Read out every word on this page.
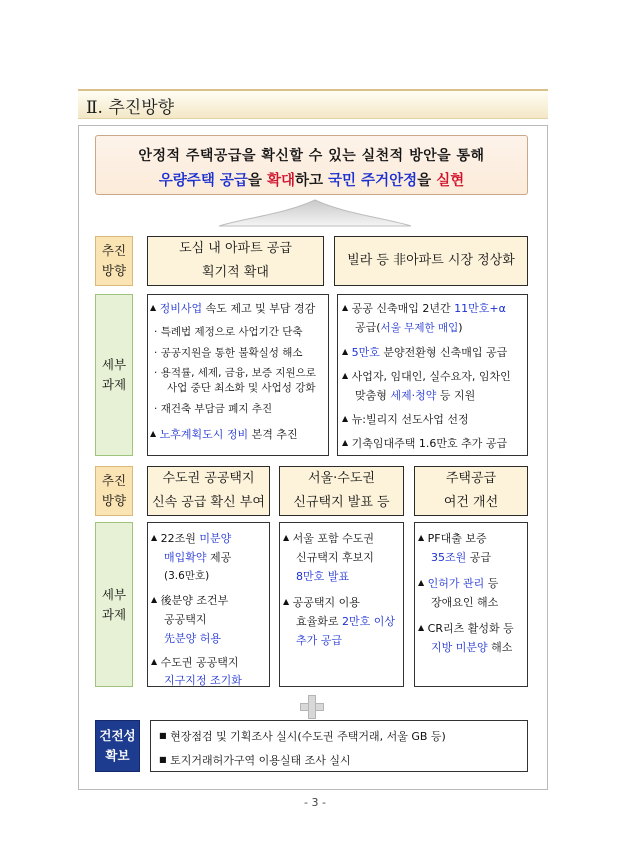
Ⅱ. 추진방향
안정적 주택공급을 확신할 수 있는 실천적 방안을 통해
우량주택 공급을 확대하고 국민 주거안정을 실현
추진
방향
도심 내 아파트 공급
획기적 확대
빌라 등 非아파트 시장 정상화
세부
과제
▲ 정비사업 속도 제고 및 부담 경감
· 특례법 제정으로 사업기간 단축
· 공공지원을 통한 불확실성 해소
· 용적률, 세제, 금융, 보증 지원으로
사업 중단 최소화 및 사업성 강화
· 재건축 부담금 폐지 추진
▲ 노후계획도시 정비 본격 추진
▲ 공공 신축매입 2년간 11만호+α
공급(서울 무제한 매입)
▲ 5만호 분양전환형 신축매입 공급
▲ 사업자, 임대인, 실수요자, 임차인
맞춤형 세제·청약 등 지원
▲ 뉴:빌리지 선도사업 선정
▲ 기축임대주택 1.6만호 추가 공급
추진
방향
수도권 공공택지
신속 공급 확신 부여
서울·수도권
신규택지 발표 등
주택공급
여건 개선
세부
과제
▲ 22조원 미분양
매입확약 제공
(3.6만호)
▲ 後분양 조건부
공공택지
先분양 허용
▲ 수도권 공공택지
지구지정 조기화
▲ 서울 포함 수도권
신규택지 후보지
8만호 발표
▲ 공공택지 이용
효율화로 2만호 이상
추가 공급
▲ PF대출 보증
35조원 공급
▲ 인허가 관리 등
장애요인 해소
▲ CR리츠 활성화 등
지방 미분양 해소
건전성
확보
■ 현장점검 및 기획조사 실시(수도권 주택거래, 서울 GB 등)
■ 토지거래허가구역 이용실태 조사 실시
- 3 -
